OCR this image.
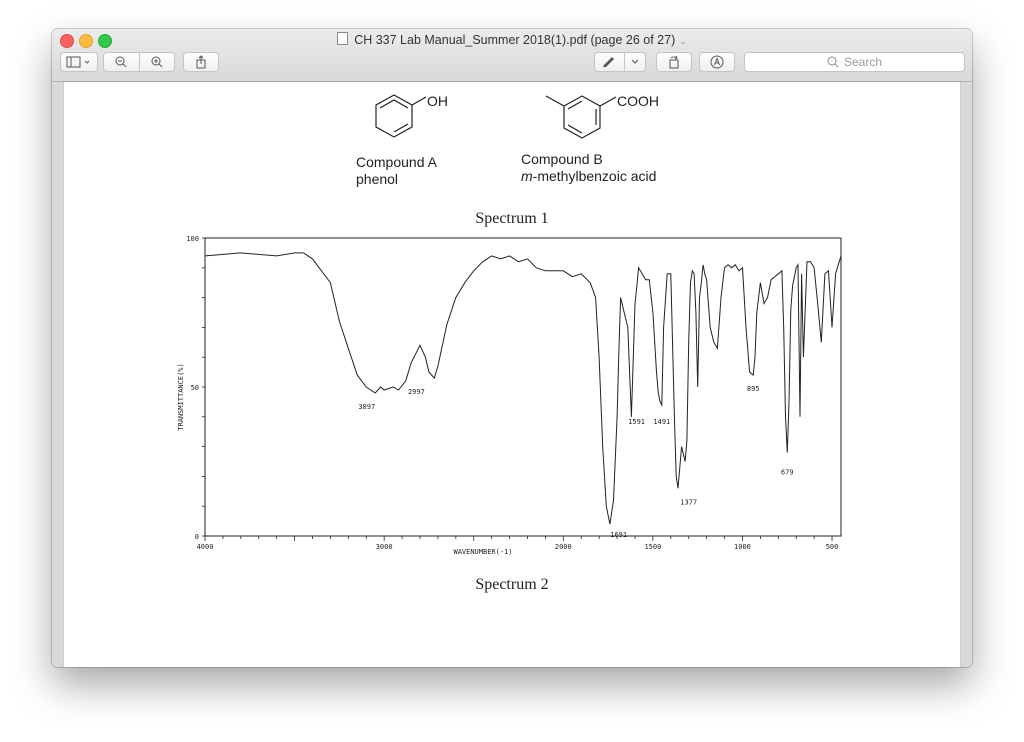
CH 337 Lab Manual_Summer 2018(1).pdf (page 26 of 27) ⌄
Search
OH	COOH
4000	3000	2000	1500	1000	500
100
50
0
WAVENUMBER(-1)
TRANSMITTANCE(%)	3097
2997
1691
1591 1491
1377
895
679
Compound A
phenol
Compound B
m-methylbenzoic acid
Spectrum 1
Spectrum 2
